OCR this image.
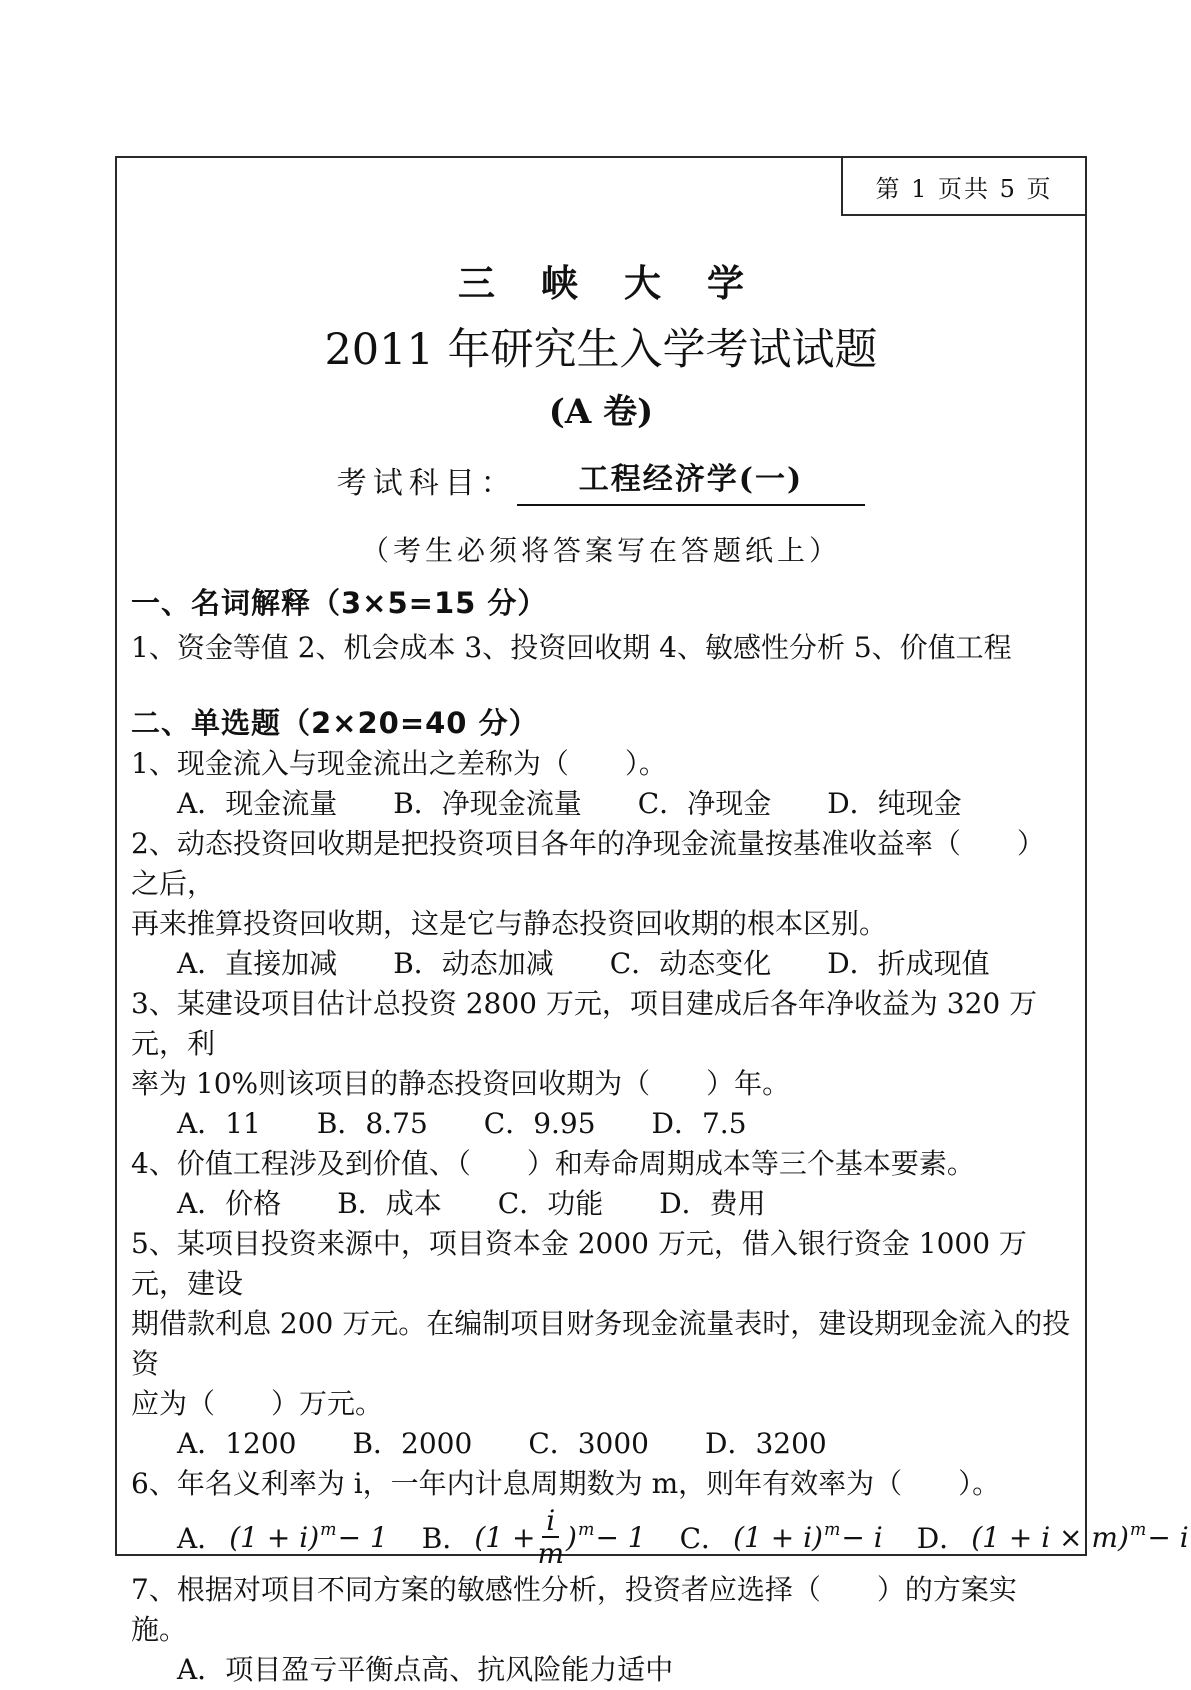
第 1 页共 5 页
三峡大学
2011 年研究生入学考试试题
(A 卷)
考试科目：	工程经济学(一)
（考生必须将答案写在答题纸上）
一、名词解释（3×5=15 分）
1、资金等值 2、机会成本 3、投资回收期 4、敏感性分析 5、价值工程
二、单选题（2×20=40 分）
1、现金流入与现金流出之差称为（　　）。
A．现金流量　　B．净现金流量　　C．净现金　　D．纯现金
2、动态投资回收期是把投资项目各年的净现金流量按基准收益率（　　）之后，
再来推算投资回收期，这是它与静态投资回收期的根本区别。
A．直接加减　　B．动态加减　　C．动态变化　　D．折成现值
3、某建设项目估计总投资 2800 万元，项目建成后各年净收益为 320 万元，利
率为 10%则该项目的静态投资回收期为（　　）年。
A．11　　B．8.75　　C．9.95　　D．7.5
4、价值工程涉及到价值、（　　）和寿命周期成本等三个基本要素。
A．价格　　B．成本　　C．功能　　D．费用
5、某项目投资来源中，项目资本金 2000 万元，借入银行资金 1000 万元，建设
期借款利息 200 万元。在编制项目财务现金流量表时，建设期现金流入的投资
应为（　　）万元。
A．1200　　B．2000　　C．3000　　D．3200
6、年名义利率为 i，一年内计息周期数为 m，则年有效率为（　　）。
A． $(1 + i)^m - 1$ B． $(1 + \frac{i}{m} )^m - 1$ C． $(1 + i)^m - i$ D． $(1 + i \times m)^m - i$
7、根据对项目不同方案的敏感性分析，投资者应选择（　　）的方案实施。
A．项目盈亏平衡点高、抗风险能力适中
